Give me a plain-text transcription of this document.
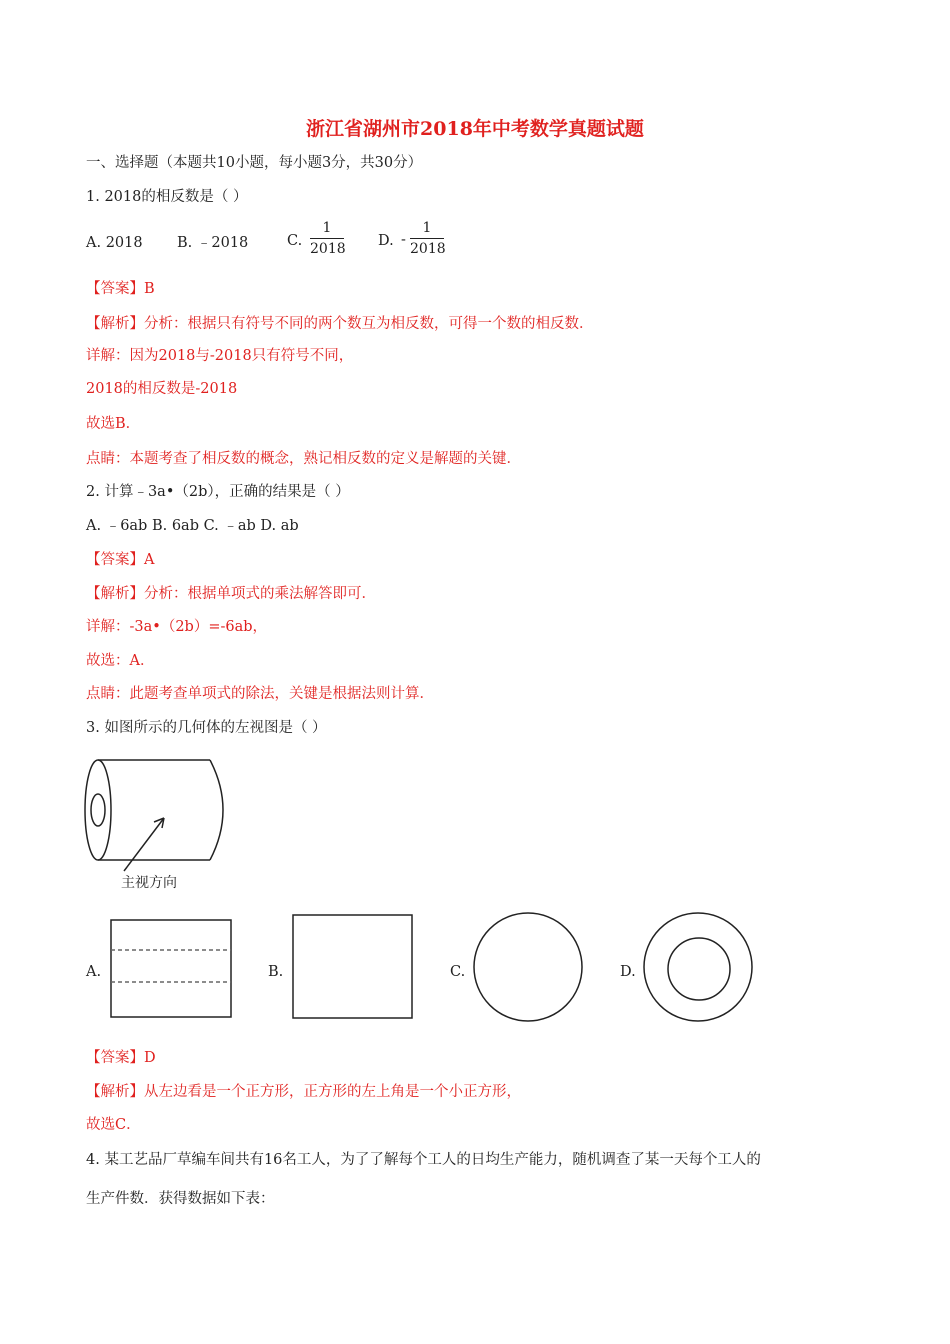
浙江省湖州市2018年中考数学真题试题
一、选择题（本题共10小题，每小题3分，共30分）
1. 2018的相反数是（ ）
A. 2018 B. ﹣2018	C.
1
2018 D. -
1
2018
【答案】B
【解析】分析：根据只有符号不同的两个数互为相反数，可得一个数的相反数．
详解：因为2018与-2018只有符号不同，
2018的相反数是-2018
故选B．
点睛：本题考查了相反数的概念，熟记相反数的定义是解题的关键．
2. 计算﹣3a•（2b），正确的结果是（ ）
A. ﹣6ab B. 6ab C. ﹣ab D. ab
【答案】A
【解析】分析：根据单项式的乘法解答即可．
详解：-3a•（2b）=-6ab，
故选：A．
点睛：此题考查单项式的除法，关键是根据法则计算．
3. 如图所示的几何体的左视图是（ ）
主视方向
A.	B.	C.	D.
【答案】D
【解析】从左边看是一个正方形，正方形的左上角是一个小正方形，
故选C．
4. 某工艺品厂草编车间共有16名工人，为了了解每个工人的日均生产能力，随机调查了某一天每个工人的
生产件数．获得数据如下表：
